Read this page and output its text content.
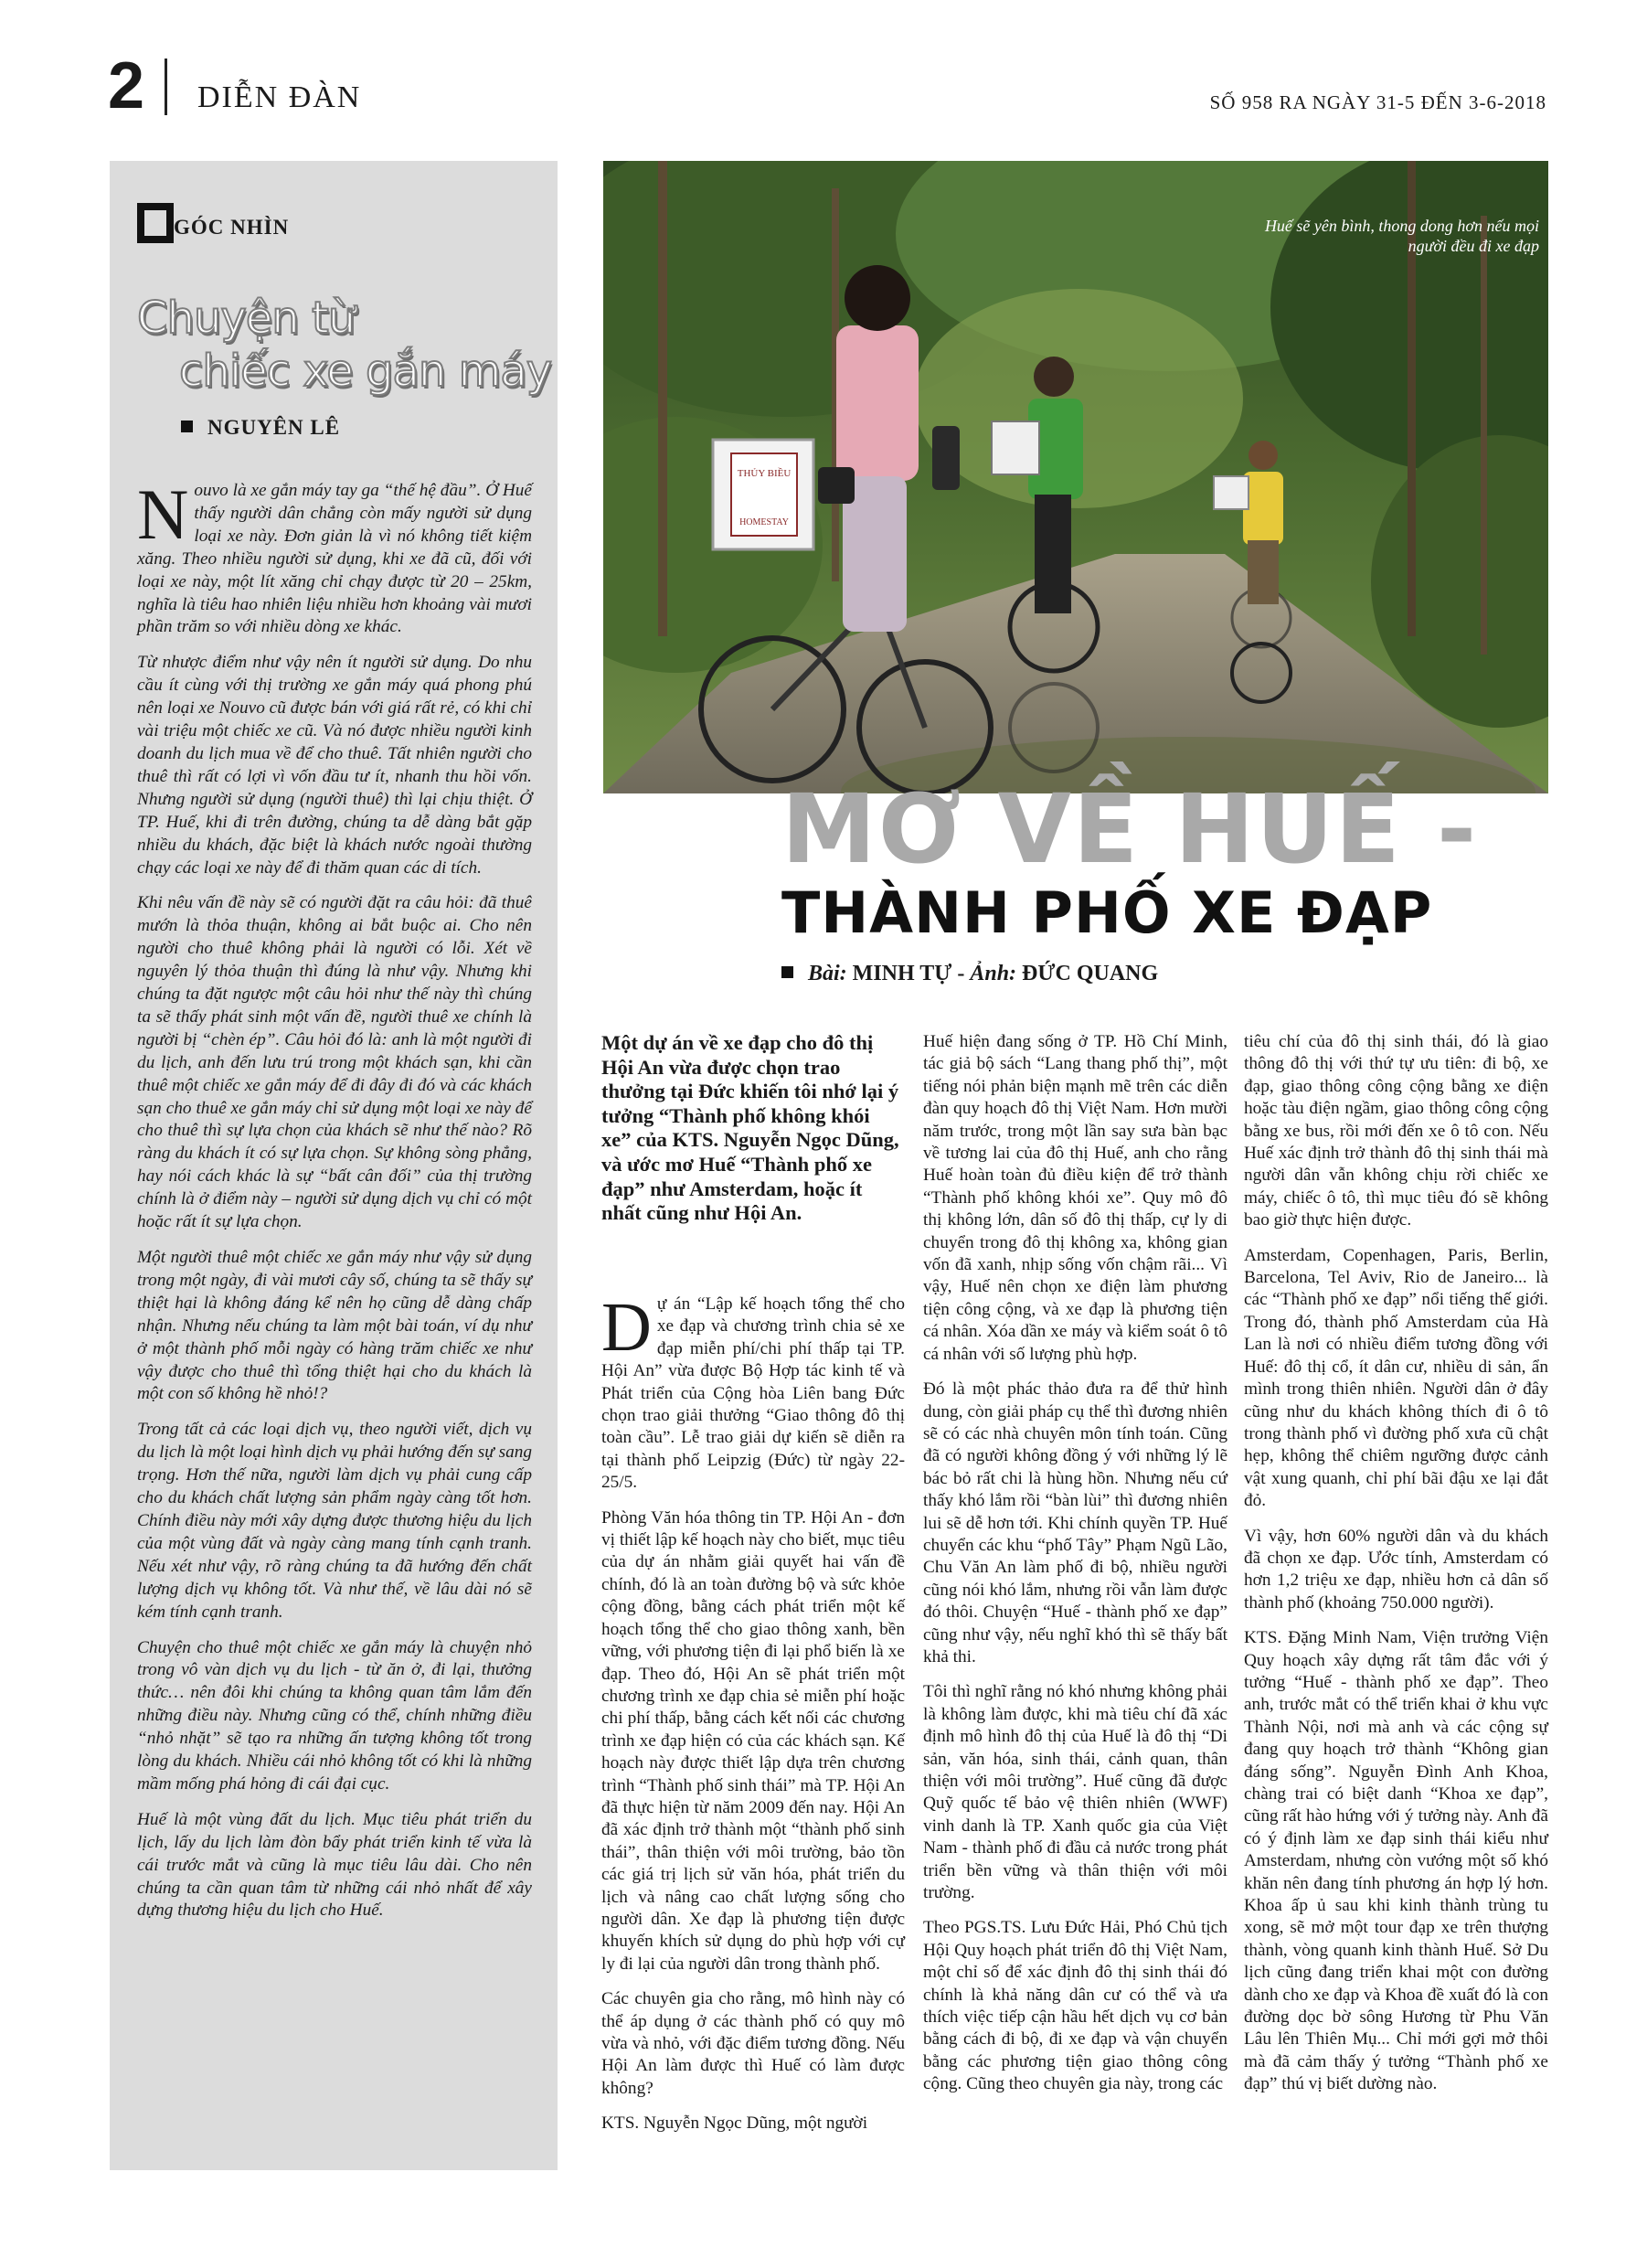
2 DIỄN ĐÀN	SỐ 958 RA NGÀY 31-5 ĐẾN 3-6-2018
GÓC NHÌN
Chuyện từ
chiếc xe gắn máy
NGUYÊN LÊ

Nouvo là xe gắn máy tay ga “thế hệ đầu”. Ở Huế thấy người dân chẳng còn mấy người sử dụng loại xe này. Đơn giản là vì nó không tiết kiệm xăng. Theo nhiều người sử dụng, khi xe đã cũ, đối với loại xe này, một lít xăng chỉ chạy được từ 20 – 25km, nghĩa là tiêu hao nhiên liệu nhiều hơn khoảng vài mươi phần trăm so với nhiều dòng xe khác.

Từ nhược điểm như vậy nên ít người sử dụng. Do nhu cầu ít cùng với thị trường xe gắn máy quá phong phú nên loại xe Nouvo cũ được bán với giá rất rẻ, có khi chỉ vài triệu một chiếc xe cũ. Và nó được nhiều người kinh doanh du lịch mua về để cho thuê. Tất nhiên người cho thuê thì rất có lợi vì vốn đầu tư ít, nhanh thu hồi vốn. Nhưng người sử dụng (người thuê) thì lại chịu thiệt. Ở TP. Huế, khi đi trên đường, chúng ta dễ dàng bắt gặp nhiều du khách, đặc biệt là khách nước ngoài thường chạy các loại xe này để đi thăm quan các di tích.

Khi nêu vấn đề này sẽ có người đặt ra câu hỏi: đã thuê mướn là thỏa thuận, không ai bắt buộc ai. Cho nên người cho thuê không phải là người có lỗi. Xét về nguyên lý thỏa thuận thì đúng là như vậy. Nhưng khi chúng ta đặt ngược một câu hỏi như thế này thì chúng ta sẽ thấy phát sinh một vấn đề, người thuê xe chính là người bị “chèn ép”. Câu hỏi đó là: anh là một người đi du lịch, anh đến lưu trú trong một khách sạn, khi cần thuê một chiếc xe gắn máy để đi đây đi đó và các khách sạn cho thuê xe gắn máy chỉ sử dụng một loại xe này để cho thuê thì sự lựa chọn của khách sẽ như thế nào? Rõ ràng du khách ít có sự lựa chọn. Sự không sòng phẳng, hay nói cách khác là sự “bất cân đối” của thị trường chính là ở điểm này – người sử dụng dịch vụ chỉ có một hoặc rất ít sự lựa chọn.

Một người thuê một chiếc xe gắn máy như vậy sử dụng trong một ngày, đi vài mươi cây số, chúng ta sẽ thấy sự thiệt hại là không đáng kể nên họ cũng dễ dàng chấp nhận. Nhưng nếu chúng ta làm một bài toán, ví dụ như ở một thành phố mỗi ngày có hàng trăm chiếc xe như vậy được cho thuê thì tổng thiệt hại cho du khách là một con số không hề nhỏ!?

Trong tất cả các loại dịch vụ, theo người viết, dịch vụ du lịch là một loại hình dịch vụ phải hướng đến sự sang trọng. Hơn thế nữa, người làm dịch vụ phải cung cấp cho du khách chất lượng sản phẩm ngày càng tốt hơn. Chính điều này mới xây dựng được thương hiệu du lịch của một vùng đất và ngày càng mang tính cạnh tranh. Nếu xét như vậy, rõ ràng chúng ta đã hướng đến chất lượng dịch vụ không tốt. Và như thế, về lâu dài nó sẽ kém tính cạnh tranh.

Chuyện cho thuê một chiếc xe gắn máy là chuyện nhỏ trong vô vàn dịch vụ du lịch - từ ăn ở, đi lại, thưởng thức… nên đôi khi chúng ta không quan tâm lắm đến những điều này. Nhưng cũng có thể, chính những điều “nhỏ nhặt” sẽ tạo ra những ấn tượng không tốt trong lòng du khách. Nhiều cái nhỏ không tốt có khi là những mầm mống phá hỏng đi cái đại cục.

Huế là một vùng đất du lịch. Mục tiêu phát triển du lịch, lấy du lịch làm đòn bẩy phát triển kinh tế vừa là cái trước mắt và cũng là mục tiêu lâu dài. Cho nên chúng ta cần quan tâm từ những cái nhỏ nhất để xây dựng thương hiệu du lịch cho Huế.

THỦY BIỀU
HOMESTAY
Huế sẽ yên bình, thong dong hơn nếu mọi người đều đi xe đạp
MƠ VỀ HUẾ -
THÀNH PHỐ XE ĐẠP
Bài: MINH TỰ - Ảnh: ĐỨC QUANG
Một dự án về xe đạp cho đô thị Hội An vừa được chọn trao thưởng tại Đức khiến tôi nhớ lại ý tưởng “Thành phố không khói xe” của KTS. Nguyễn Ngọc Dũng, và ước mơ Huế “Thành phố xe đạp” như Amsterdam, hoặc ít nhất cũng như Hội An.

Dự án “Lập kế hoạch tổng thể cho xe đạp và chương trình chia sẻ xe đạp miễn phí/chi phí thấp tại TP. Hội An” vừa được Bộ Hợp tác kinh tế và Phát triển của Cộng hòa Liên bang Đức chọn trao giải thưởng “Giao thông đô thị toàn cầu”. Lễ trao giải dự kiến sẽ diễn ra tại thành phố Leipzig (Đức) từ ngày 22-25/5.

Phòng Văn hóa thông tin TP. Hội An - đơn vị thiết lập kế hoạch này cho biết, mục tiêu của dự án nhằm giải quyết hai vấn đề chính, đó là an toàn đường bộ và sức khỏe cộng đồng, bằng cách phát triển một kế hoạch tổng thể cho giao thông xanh, bền vững, với phương tiện đi lại phổ biến là xe đạp. Theo đó, Hội An sẽ phát triển một chương trình xe đạp chia sẻ miễn phí hoặc chi phí thấp, bằng cách kết nối các chương trình xe đạp hiện có của các khách sạn. Kế hoạch này được thiết lập dựa trên chương trình “Thành phố sinh thái” mà TP. Hội An đã thực hiện từ năm 2009 đến nay. Hội An đã xác định trở thành một “thành phố sinh thái”, thân thiện với môi trường, bảo tồn các giá trị lịch sử văn hóa, phát triển du lịch và nâng cao chất lượng sống cho người dân. Xe đạp là phương tiện được khuyến khích sử dụng do phù hợp với cự ly đi lại của người dân trong thành phố.

Các chuyên gia cho rằng, mô hình này có thể áp dụng ở các thành phố có quy mô vừa và nhỏ, với đặc điểm tương đồng. Nếu Hội An làm được thì Huế có làm được không?

KTS. Nguyễn Ngọc Dũng, một người

Huế hiện đang sống ở TP. Hồ Chí Minh, tác giả bộ sách “Lang thang phố thị”, một tiếng nói phản biện mạnh mẽ trên các diễn đàn quy hoạch đô thị Việt Nam. Hơn mười năm trước, trong một lần say sưa bàn bạc về tương lai của đô thị Huế, anh cho rằng Huế hoàn toàn đủ điều kiện để trở thành “Thành phố không khói xe”. Quy mô đô thị không lớn, dân số đô thị thấp, cự ly di chuyển trong đô thị không xa, không gian vốn đã xanh, nhịp sống vốn chậm rãi... Vì vậy, Huế nên chọn xe điện làm phương tiện công cộng, và xe đạp là phương tiện cá nhân. Xóa dần xe máy và kiểm soát ô tô cá nhân với số lượng phù hợp.

Đó là một phác thảo đưa ra để thử hình dung, còn giải pháp cụ thể thì đương nhiên sẽ có các nhà chuyên môn tính toán. Cũng đã có người không đồng ý với những lý lẽ bác bỏ rất chi là hùng hồn. Nhưng nếu cứ thấy khó lắm rồi “bàn lùi” thì đương nhiên lui sẽ dễ hơn tới. Khi chính quyền TP. Huế chuyển các khu “phố Tây” Phạm Ngũ Lão, Chu Văn An làm phố đi bộ, nhiều người cũng nói khó lắm, nhưng rồi vẫn làm được đó thôi. Chuyện “Huế - thành phố xe đạp” cũng như vậy, nếu nghĩ khó thì sẽ thấy bất khả thi.

Tôi thì nghĩ rằng nó khó nhưng không phải là không làm được, khi mà tiêu chí đã xác định mô hình đô thị của Huế là đô thị “Di sản, văn hóa, sinh thái, cảnh quan, thân thiện với môi trường”. Huế cũng đã được Quỹ quốc tế bảo vệ thiên nhiên (WWF) vinh danh là TP. Xanh quốc gia của Việt Nam - thành phố đi đầu cả nước trong phát triển bền vững và thân thiện với môi trường.

Theo PGS.TS. Lưu Đức Hải, Phó Chủ tịch Hội Quy hoạch phát triển đô thị Việt Nam, một chỉ số để xác định đô thị sinh thái đó chính là khả năng dân cư có thể và ưa thích việc tiếp cận hầu hết dịch vụ cơ bản bằng cách đi bộ, đi xe đạp và vận chuyển bằng các phương tiện giao thông công cộng. Cũng theo chuyên gia này, trong các

tiêu chí của đô thị sinh thái, đó là giao thông đô thị với thứ tự ưu tiên: đi bộ, xe đạp, giao thông công cộng bằng xe điện hoặc tàu điện ngầm, giao thông công cộng bằng xe bus, rồi mới đến xe ô tô con. Nếu Huế xác định trở thành đô thị sinh thái mà người dân vẫn không chịu rời chiếc xe máy, chiếc ô tô, thì mục tiêu đó sẽ không bao giờ thực hiện được.

Amsterdam, Copenhagen, Paris, Berlin, Barcelona, Tel Aviv, Rio de Janeiro... là các “Thành phố xe đạp” nổi tiếng thế giới. Trong đó, thành phố Amsterdam của Hà Lan là nơi có nhiều điểm tương đồng với Huế: đô thị cổ, ít dân cư, nhiều di sản, ẩn mình trong thiên nhiên. Người dân ở đây cũng như du khách không thích đi ô tô trong thành phố vì đường phố xưa cũ chật hẹp, không thể chiêm ngưỡng được cảnh vật xung quanh, chỉ phí bãi đậu xe lại đắt đỏ.

Vì vậy, hơn 60% người dân và du khách đã chọn xe đạp. Ước tính, Amsterdam có hơn 1,2 triệu xe đạp, nhiều hơn cả dân số thành phố (khoảng 750.000 người).

KTS. Đặng Minh Nam, Viện trưởng Viện Quy hoạch xây dựng rất tâm đắc với ý tưởng “Huế - thành phố xe đạp”. Theo anh, trước mắt có thể triển khai ở khu vực Thành Nội, nơi mà anh và các cộng sự đang quy hoạch trở thành “Không gian đáng sống”. Nguyễn Đình Anh Khoa, chàng trai có biệt danh “Khoa xe đạp”, cũng rất hào hứng với ý tưởng này. Anh đã có ý định làm xe đạp sinh thái kiểu như Amsterdam, nhưng còn vướng một số khó khăn nên đang tính phương án hợp lý hơn. Khoa ấp ủ sau khi kinh thành trùng tu xong, sẽ mở một tour đạp xe trên thượng thành, vòng quanh kinh thành Huế. Sở Du lịch cũng đang triển khai một con đường dành cho xe đạp và Khoa đề xuất đó là con đường dọc bờ sông Hương từ Phu Văn Lâu lên Thiên Mụ... Chỉ mới gợi mở thôi mà đã cảm thấy ý tưởng “Thành phố xe đạp” thú vị biết dường nào.
